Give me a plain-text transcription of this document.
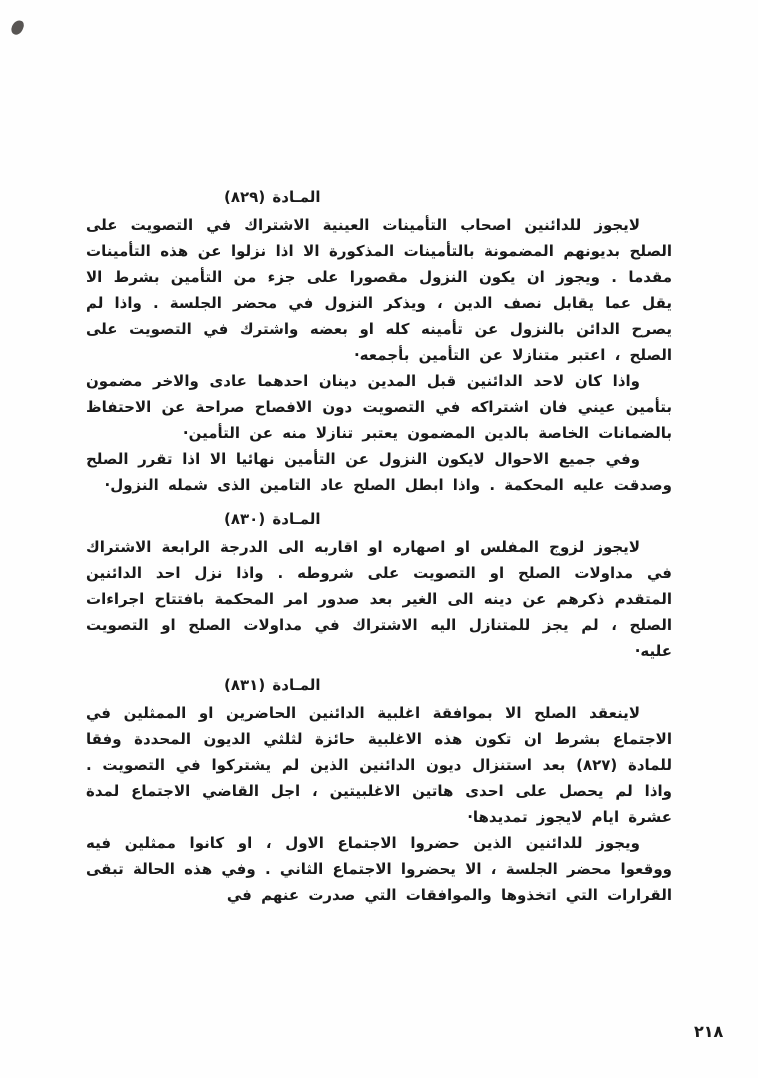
المـادة (٨٢٩)

لايجوز للدائنين اصحاب التأمينات العينية الاشتراك في التصويت على الصلح بديونهم المضمونة بالتأمينات المذكورة الا اذا نزلوا عن هذه التأمينات مقدما . ويجوز ان يكون النزول مقصورا على جزء من التأمين بشرط الا يقل عما يقابل نصف الدين ، ويذكر النزول في محضر الجلسة . واذا لم يصرح الدائن بالنزول عن تأمينه كله او بعضه واشترك في التصويت على الصلح ، اعتبر متنازلا عن التأمين بأجمعه·

واذا كان لاحد الدائنين قبل المدين دينان احدهما عادى والاخر مضمون بتأمين عيني فان اشتراكه في التصويت دون الافصاح صراحة عن الاحتفاظ بالضمانات الخاصة بالدين المضمون يعتبر تنازلا منه عن التأمين·

وفي جميع الاحوال لايكون النزول عن التأمين نهائيا الا اذا تقرر الصلح وصدقت عليه المحكمة . واذا ابطل الصلح عاد التامين الذى شمله النزول·

المـادة (٨٣٠)

لايجوز لزوج المفلس او اصهاره او اقاربه الى الدرجة الرابعة الاشتراك في مداولات الصلح او التصويت على شروطه . واذا نزل احد الدائنين المتقدم ذكرهم عن دينه الى الغير بعد صدور امر المحكمة بافتتاح اجراءات الصلح ، لم يجز للمتنازل اليه الاشتراك في مداولات الصلح او التصويت عليه·

المـادة (٨٣١)

لاينعقد الصلح الا بموافقة اغلبية الدائنين الحاضرين او الممثلين في الاجتماع بشرط ان تكون هذه الاغلبية حائزة لثلثي الديون المحددة وفقا للمادة (٨٢٧) بعد استنزال ديون الدائنين الذين لم يشتركوا في التصويت . واذا لم يحصل على احدى هاتين الاغلبيتين ، اجل القاضي الاجتماع لمدة عشرة ايام لايجوز تمديدها·

ويجوز للدائنين الذين حضروا الاجتماع الاول ، او كانوا ممثلين فيه ووقعوا محضر الجلسة ، الا يحضروا الاجتماع الثاني . وفي هذه الحالة تبقى القرارات التي اتخذوها والموافقات التي صدرت عنهم في

٢١٨
